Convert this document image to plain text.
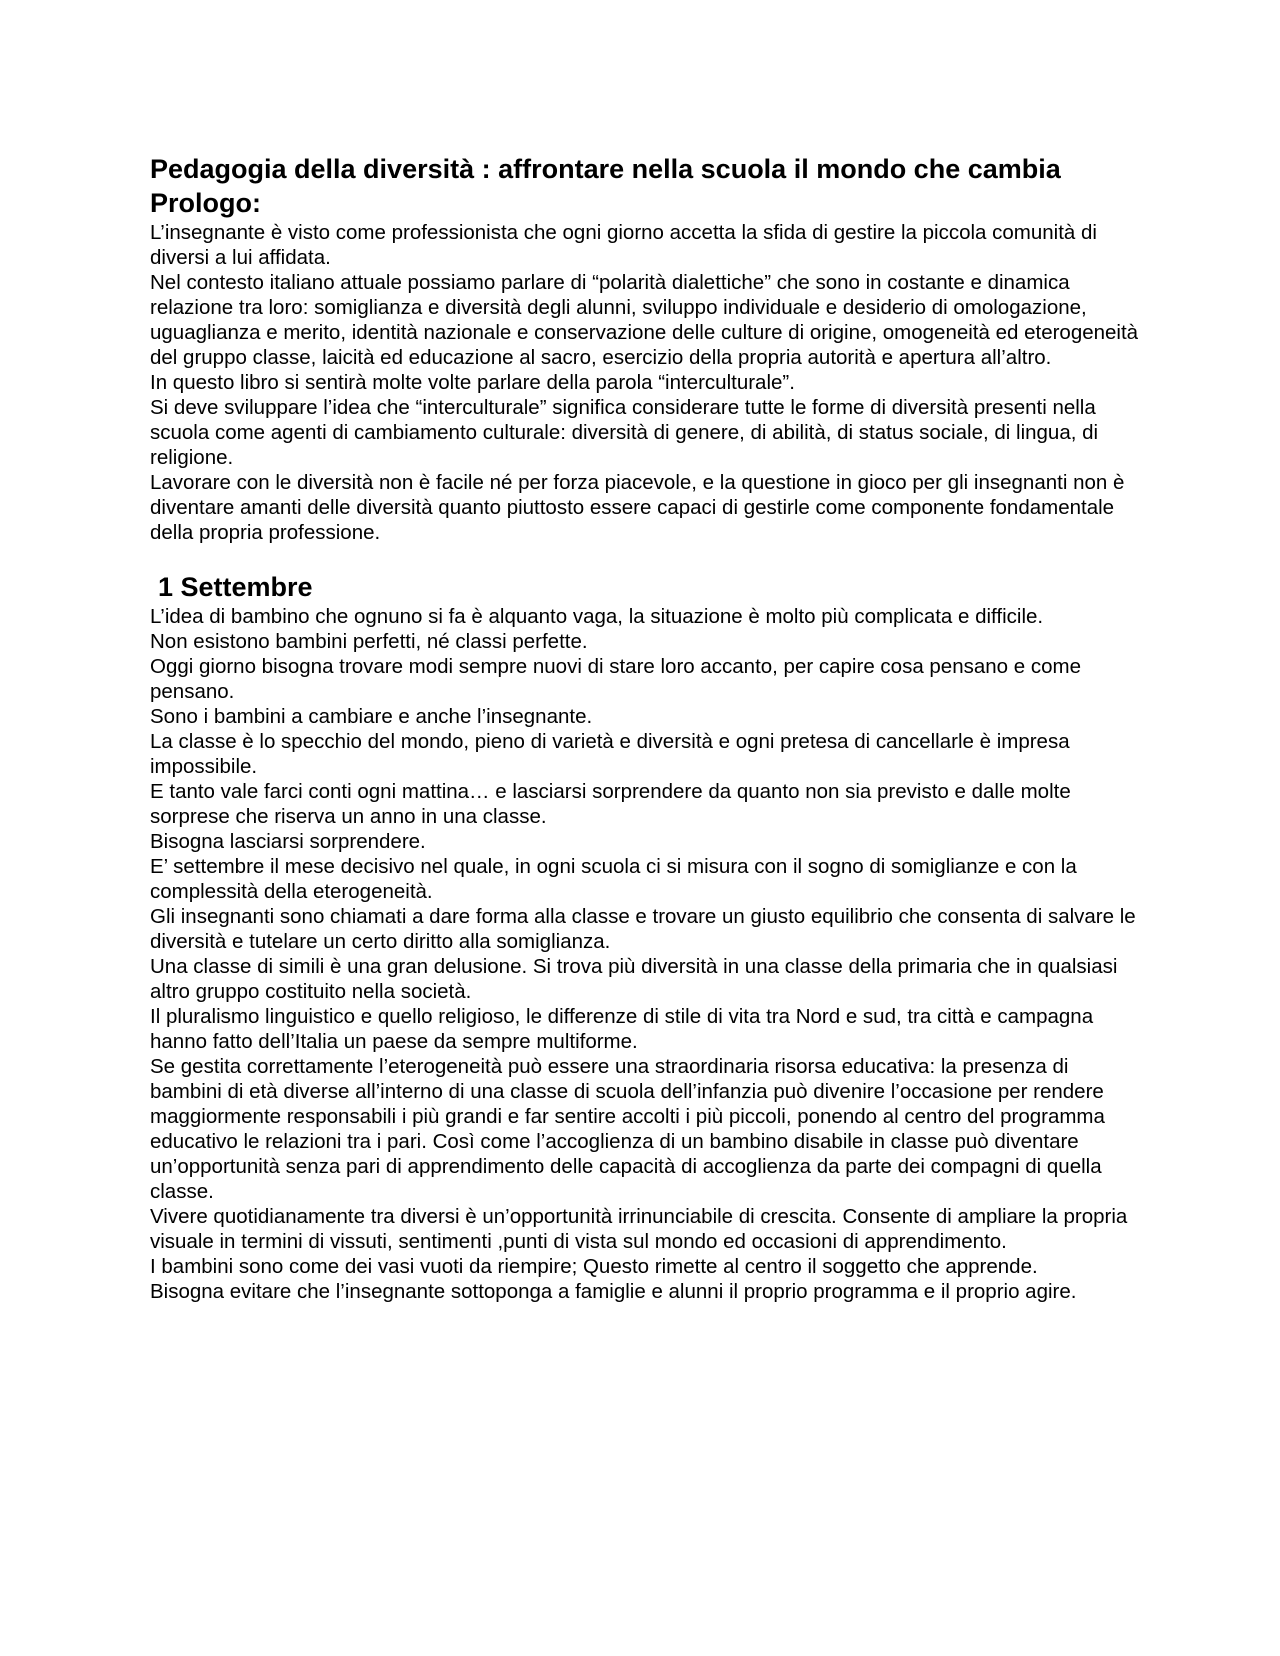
Pedagogia della diversità : affrontare nella scuola il mondo che cambia
Prologo:

L’insegnante è visto come professionista che ogni giorno accetta la sfida di gestire la piccola comunità di diversi a lui affidata.

Nel contesto italiano attuale possiamo parlare di “polarità dialettiche” che sono in costante e dinamica relazione tra loro: somiglianza e diversità degli alunni, sviluppo individuale e desiderio di omologazione, uguaglianza e merito, identità nazionale e conservazione delle culture di origine, omogeneità ed eterogeneità del gruppo classe, laicità ed educazione al sacro, esercizio della propria autorità e apertura all’altro.

In questo libro si sentirà molte volte parlare della parola “interculturale”.

Si deve sviluppare l’idea che “interculturale” significa considerare tutte le forme di diversità presenti nella scuola come agenti di cambiamento culturale: diversità di genere, di abilità, di status sociale, di lingua, di religione.

Lavorare con le diversità non è facile né per forza piacevole, e la questione in gioco per gli insegnanti non è diventare amanti delle diversità quanto piuttosto essere capaci di gestirle come componente fondamentale della propria professione.

1 Settembre

L’idea di bambino che ognuno si fa è alquanto vaga, la situazione è molto più complicata e difficile.

Non esistono bambini perfetti, né classi perfette.

Oggi giorno bisogna trovare modi sempre nuovi di stare loro accanto, per capire cosa pensano e come pensano.

Sono i bambini a cambiare e anche l’insegnante.

La classe è lo specchio del mondo, pieno di varietà e diversità e ogni pretesa di cancellarle è impresa impossibile.

E tanto vale farci conti ogni mattina… e lasciarsi sorprendere da quanto non sia previsto e dalle molte sorprese che riserva un anno in una classe.

Bisogna lasciarsi sorprendere.

E’ settembre il mese decisivo nel quale, in ogni scuola ci si misura con il sogno di somiglianze e con la complessità della eterogeneità.

Gli insegnanti sono chiamati a dare forma alla classe e trovare un giusto equilibrio che consenta di salvare le diversità e tutelare un certo diritto alla somiglianza.

Una classe di simili è una gran delusione. Si trova più diversità in una classe della primaria che in qualsiasi altro gruppo costituito nella società.

Il pluralismo linguistico e quello religioso, le differenze di stile di vita tra Nord e sud, tra città e campagna hanno fatto dell’Italia un paese da sempre multiforme.

Se gestita correttamente l’eterogeneità può essere una straordinaria risorsa educativa: la presenza di bambini di età diverse all’interno di una classe di scuola dell’infanzia può divenire l’occasione per rendere maggiormente responsabili i più grandi e far sentire accolti i più piccoli, ponendo al centro del programma educativo le relazioni tra i pari. Così come l’accoglienza di un bambino disabile in classe può diventare un’opportunità senza pari di apprendimento delle capacità di accoglienza da parte dei compagni di quella classe.

Vivere quotidianamente tra diversi è un’opportunità irrinunciabile di crescita. Consente di ampliare la propria visuale in termini di vissuti, sentimenti ,punti di vista sul mondo ed occasioni di apprendimento.

I bambini sono come dei vasi vuoti da riempire; Questo rimette al centro il soggetto che apprende.

Bisogna evitare che l’insegnante sottoponga a famiglie e alunni il proprio programma e il proprio agire.
